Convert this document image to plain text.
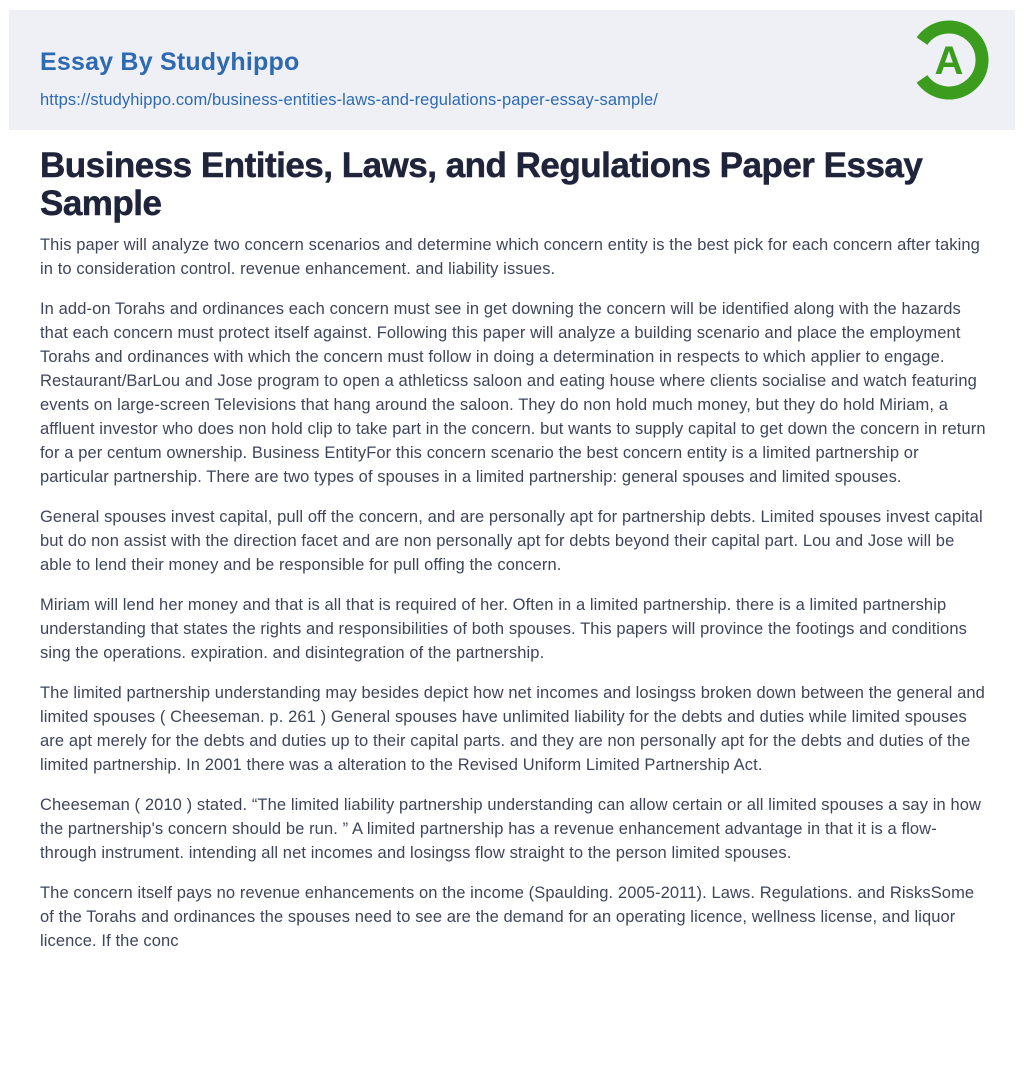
Essay By Studyhippo
https://studyhippo.com/business-entities-laws-and-regulations-paper-essay-sample/
A
Business Entities, Laws, and Regulations Paper Essay Sample

This paper will analyze two concern scenarios and determine which concern entity is the best pick for each concern after taking in to consideration control. revenue enhancement. and liability issues.

In add-on Torahs and ordinances each concern must see in get downing the concern will be identified along with the hazards that each concern must protect itself against. Following this paper will analyze a building scenario and place the employment Torahs and ordinances with which the concern must follow in doing a determination in respects to which applier to engage. Restaurant/BarLou and Jose program to open a athleticss saloon and eating house where clients socialise and watch featuring events on large-screen Televisions that hang around the saloon. They do non hold much money, but they do hold Miriam, a affluent investor who does non hold clip to take part in the concern. but wants to supply capital to get down the concern in return for a per centum ownership. Business EntityFor this concern scenario the best concern entity is a limited partnership or particular partnership. There are two types of spouses in a limited partnership: general spouses and limited spouses.

General spouses invest capital, pull off the concern, and are personally apt for partnership debts. Limited spouses invest capital but do non assist with the direction facet and are non personally apt for debts beyond their capital part. Lou and Jose will be able to lend their money and be responsible for pull offing the concern.

Miriam will lend her money and that is all that is required of her. Often in a limited partnership. there is a limited partnership understanding that states the rights and responsibilities of both spouses. This papers will province the footings and conditions sing the operations. expiration. and disintegration of the partnership.

The limited partnership understanding may besides depict how net incomes and losingss broken down between the general and limited spouses ( Cheeseman. p. 261 ) General spouses have unlimited liability for the debts and duties while limited spouses are apt merely for the debts and duties up to their capital parts. and they are non personally apt for the debts and duties of the limited partnership. In 2001 there was a alteration to the Revised Uniform Limited Partnership Act.

Cheeseman ( 2010 ) stated. “The limited liability partnership understanding can allow certain or all limited spouses a say in how the partnership's concern should be run. ” A limited partnership has a revenue enhancement advantage in that it is a flow-through instrument. intending all net incomes and losingss flow straight to the person limited spouses.

The concern itself pays no revenue enhancements on the income (Spaulding. 2005-2011). Laws. Regulations. and RisksSome of the Torahs and ordinances the spouses need to see are the demand for an operating licence, wellness license, and liquor licence. If the conc
